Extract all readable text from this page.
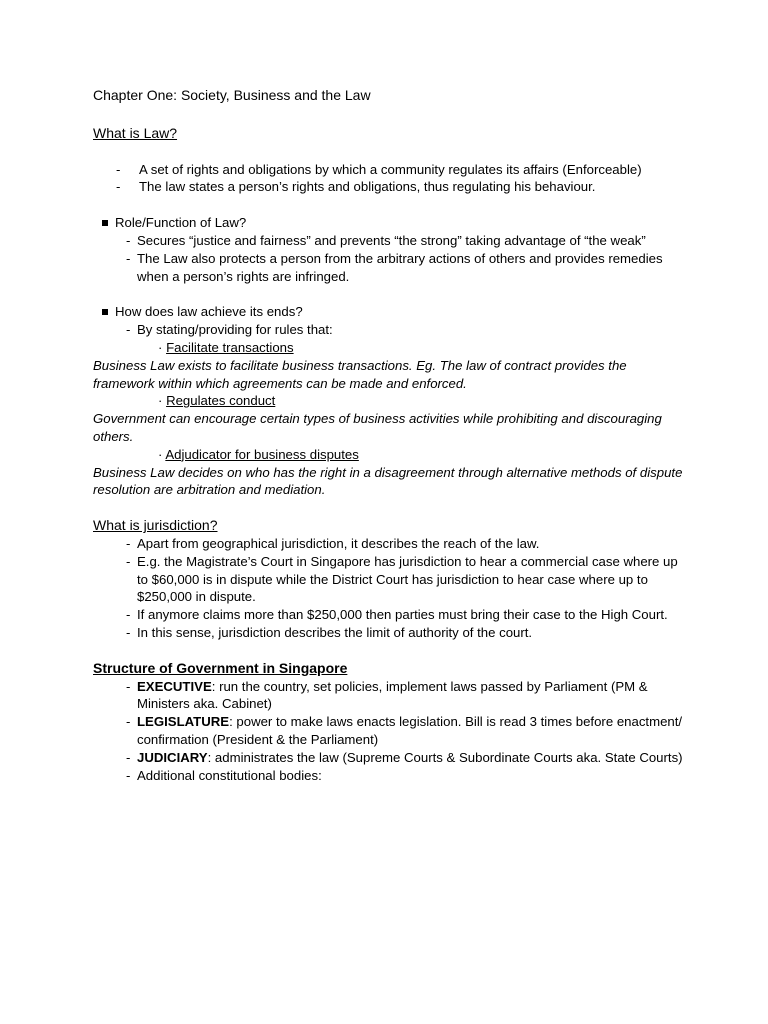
Chapter One: Society, Business and the Law

What is Law?

- A set of rights and obligations by which a community regulates its affairs (Enforceable)
- The law states a person’s rights and obligations, thus regulating his behaviour.
Role/Function of Law?
- Secures “justice and fairness” and prevents “the strong” taking advantage of “the weak”
- The Law also protects a person from the arbitrary actions of others and provides remedies when a person’s rights are infringed.
How does law achieve its ends?
- By stating/providing for rules that:
· Facilitate transactions

Business Law exists to facilitate business transactions. Eg. The law of contract provides the framework within which agreements can be made and enforced.

· Regulates conduct

Government can encourage certain types of business activities while prohibiting and discouraging others.

· Adjudicator for business disputes

Business Law decides on who has the right in a disagreement through alternative methods of dispute resolution are arbitration and mediation.

What is jurisdiction?

- Apart from geographical jurisdiction, it describes the reach of the law.
- E.g. the Magistrate’s Court in Singapore has jurisdiction to hear a commercial case where up to $60,000 is in dispute while the District Court has jurisdiction to hear case where up to $250,000 in dispute.
- If anymore claims more than $250,000 then parties must bring their case to the High Court.
- In this sense, jurisdiction describes the limit of authority of the court.

Structure of Government in Singapore

- EXECUTIVE: run the country, set policies, implement laws passed by Parliament (PM & Ministers aka. Cabinet)
- LEGISLATURE: power to make laws enacts legislation. Bill is read 3 times before enactment/ confirmation (President & the Parliament)
- JUDICIARY: administrates the law (Supreme Courts & Subordinate Courts aka. State Courts)
- Additional constitutional bodies:
